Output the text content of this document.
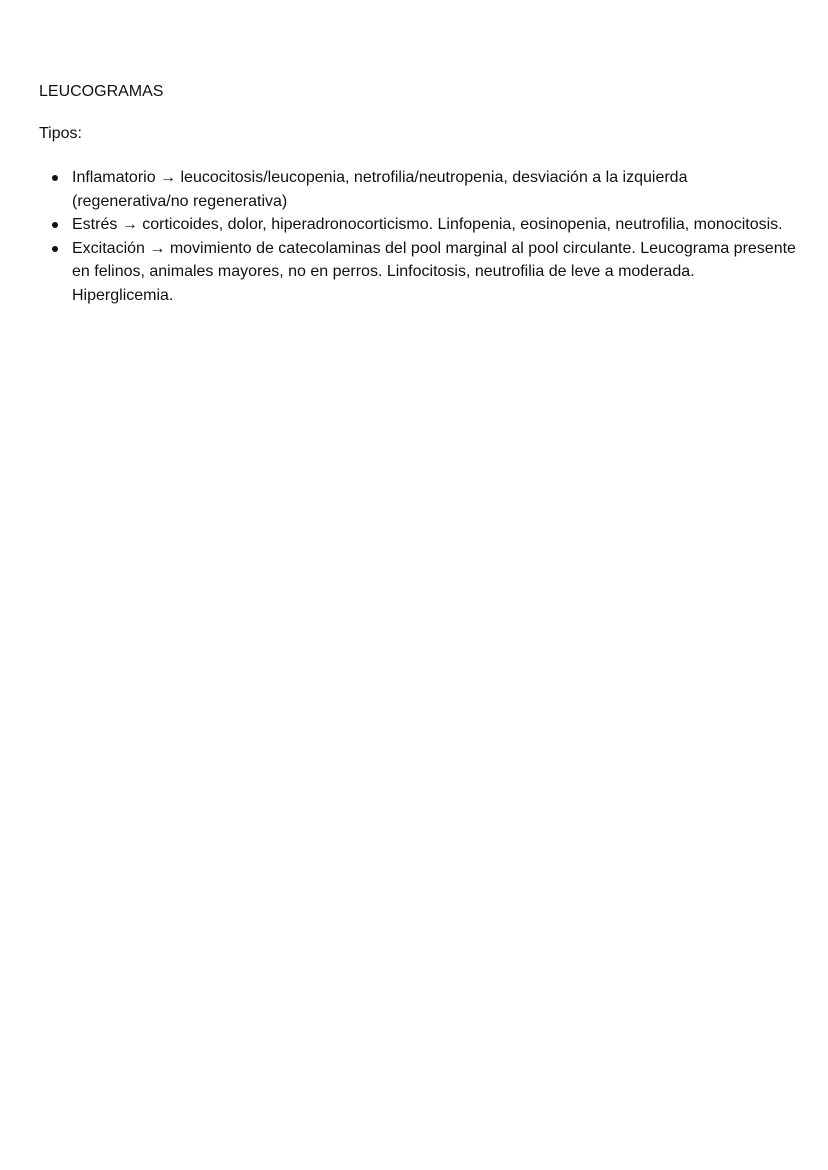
LEUCOGRAMAS

Tipos:

Inflamatorio → leucocitosis/leucopenia, netrofilia/neutropenia, desviación a la izquierda (regenerativa/no regenerativa)
Estrés → corticoides, dolor, hiperadronocorticismo. Linfopenia, eosinopenia, neutrofilia, monocitosis.
Excitación → movimiento de catecolaminas del pool marginal al pool circulante. Leucograma presente en felinos, animales mayores, no en perros. Linfocitosis, neutrofilia de leve a moderada. Hiperglicemia.
